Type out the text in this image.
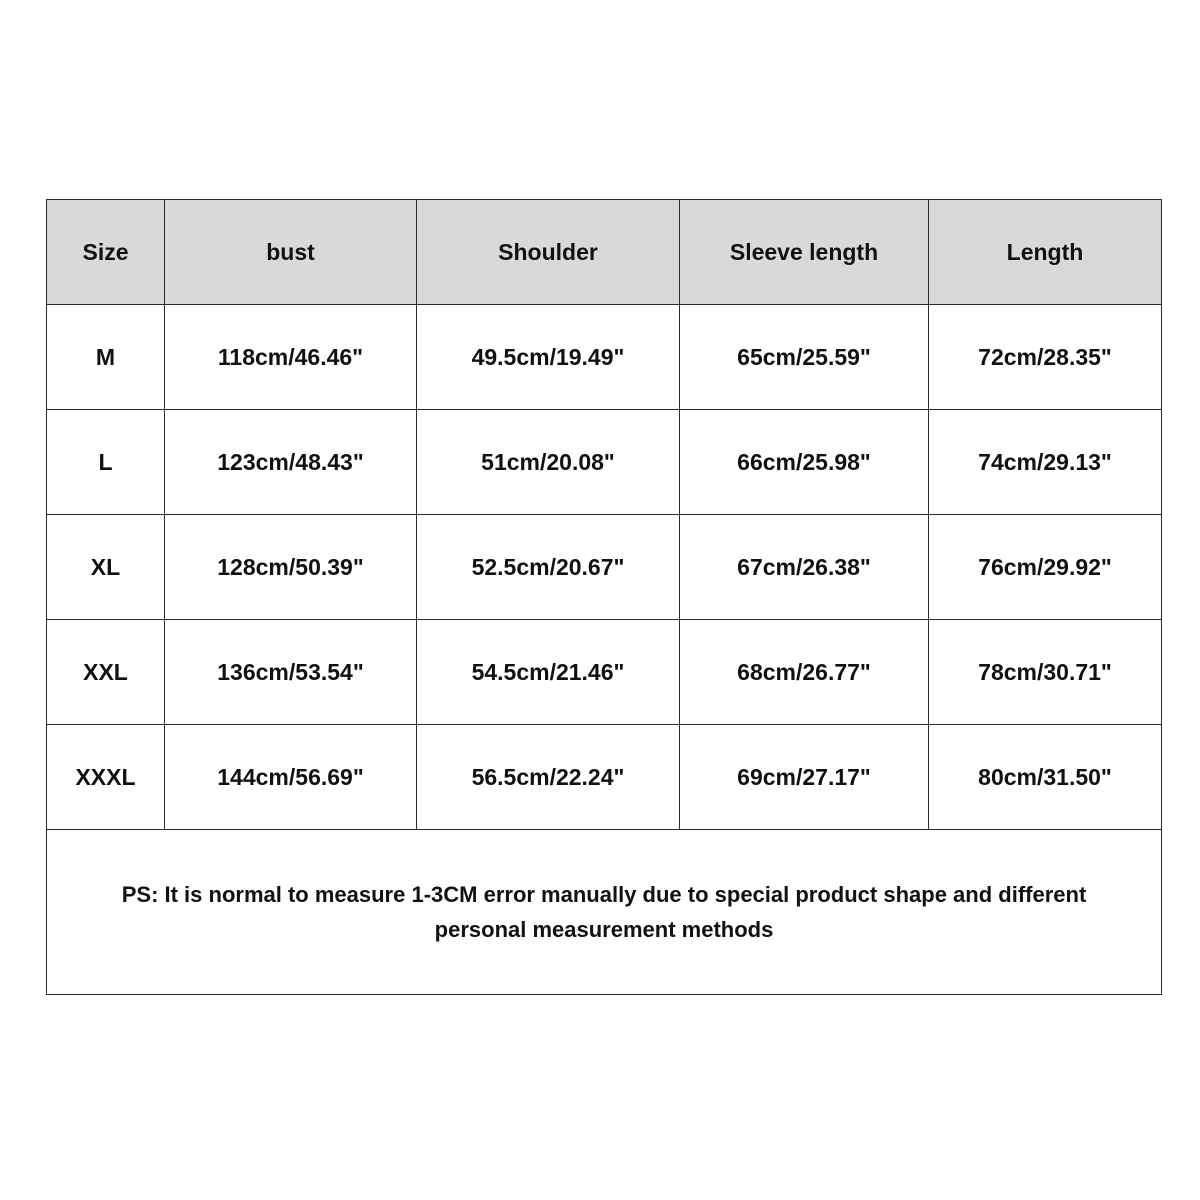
Size	bust	Shoulder	Sleeve length	Length
M	118cm/46.46"	49.5cm/19.49"	65cm/25.59"	72cm/28.35"
L	123cm/48.43"	51cm/20.08"	66cm/25.98"	74cm/29.13"
XL	128cm/50.39"	52.5cm/20.67"	67cm/26.38"	76cm/29.92"
XXL	136cm/53.54"	54.5cm/21.46"	68cm/26.77"	78cm/30.71"
XXXL	144cm/56.69"	56.5cm/22.24"	69cm/27.17"	80cm/31.50"

PS: It is normal to measure 1-3CM error manually due to special product shape and different
personal measurement methods				
